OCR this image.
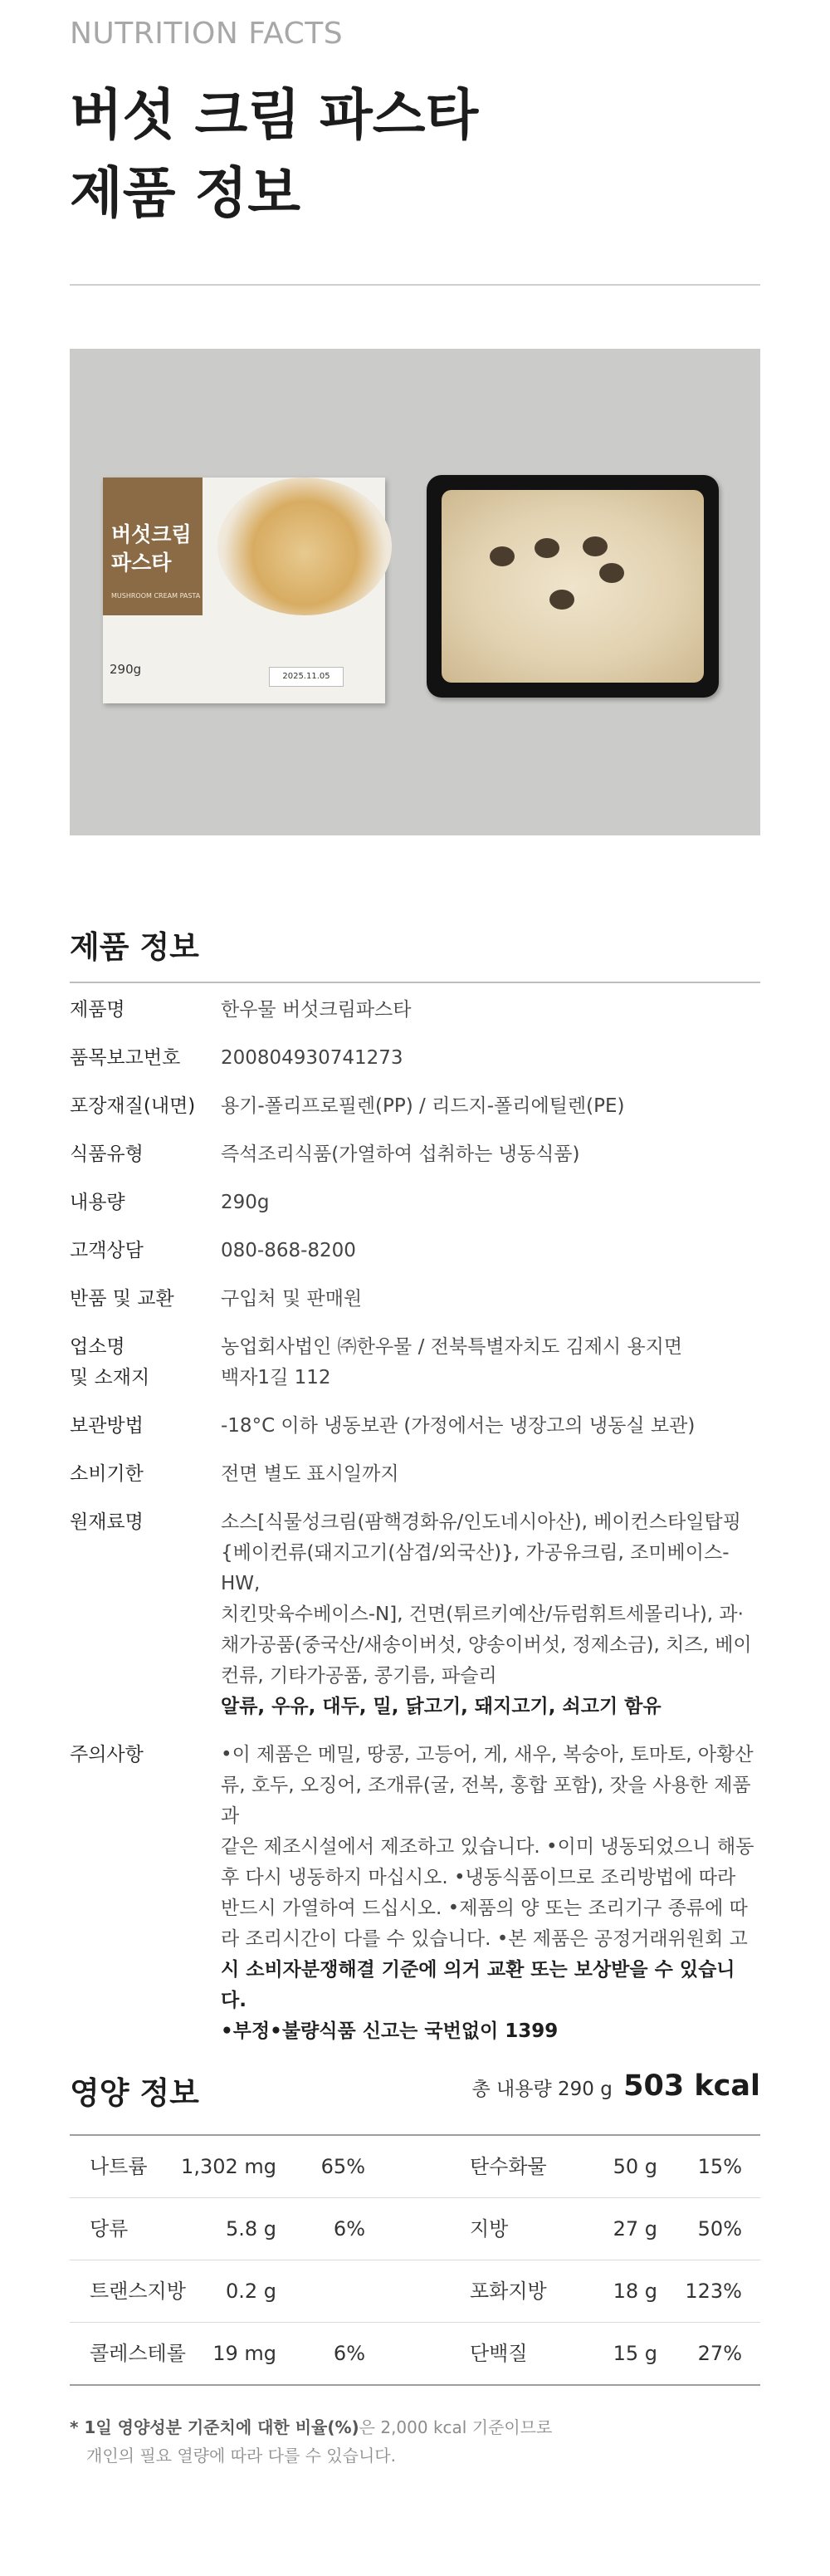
NUTRITION FACTS
버섯 크림 파스타
제품 정보
버섯크림
파스타
MUSHROOM CREAM PASTA
290g	2025.11.05
제품 정보
제품명	한우물 버섯크림파스타
품목보고번호	200804930741273
포장재질(내면)	용기-폴리프로필렌(PP) / 리드지-폴리에틸렌(PE)
식품유형	즉석조리식품(가열하여 섭취하는 냉동식품)
내용량	290g
고객상담	080-868-8200
반품 및 교환	구입처 및 판매원
업소명
및 소재지
농업회사법인 ㈜한우물 / 전북특별자치도 김제시 용지면
백자1길 112
보관방법	-18°C 이하 냉동보관 (가정에서는 냉장고의 냉동실 보관)
소비기한	전면 별도 표시일까지
원재료명	소스[식물성크림(팜핵경화유/인도네시아산), 베이컨스타일탑핑
{베이컨류(돼지고기(삼겹/외국산)}, 가공유크림, 조미베이스-HW,
치킨맛육수베이스-N], 건면(튀르키예산/듀럼휘트세몰리나), 과·
채가공품(중국산/새송이버섯, 양송이버섯, 정제소금), 치즈, 베이
컨류, 기타가공품, 콩기름, 파슬리
알류, 우유, 대두, 밀, 닭고기, 돼지고기, 쇠고기 함유
주의사항	•이 제품은 메밀, 땅콩, 고등어, 게, 새우, 복숭아, 토마토, 아황산
류, 호두, 오징어, 조개류(굴, 전복, 홍합 포함), 잣을 사용한 제품과
같은 제조시설에서 제조하고 있습니다. •이미 냉동되었으니 해동
후 다시 냉동하지 마십시오. •냉동식품이므로 조리방법에 따라
반드시 가열하여 드십시오. •제품의 양 또는 조리기구 종류에 따
라 조리시간이 다를 수 있습니다. •본 제품은 공정거래위원회 고
시 소비자분쟁해결 기준에 의거 교환 또는 보상받을 수 있습니다.
•부정•불량식품 신고는 국번없이 1399
영양 정보	총 내용량 290 g 503 kcal
나트륨 1,302 mg 65%	탄수화물	50 g 15%
당류	5.8 g	6%	지방	27 g 50%
트랜스지방 0.2 g	포화지방	18 g 123%
콜레스테롤 19 mg	6%	단백질	15 g 27%
* 1일 영양성분 기준치에 대한 비율(%)은 2,000 kcal 기준이므로
개인의 필요 열량에 따라 다를 수 있습니다.
